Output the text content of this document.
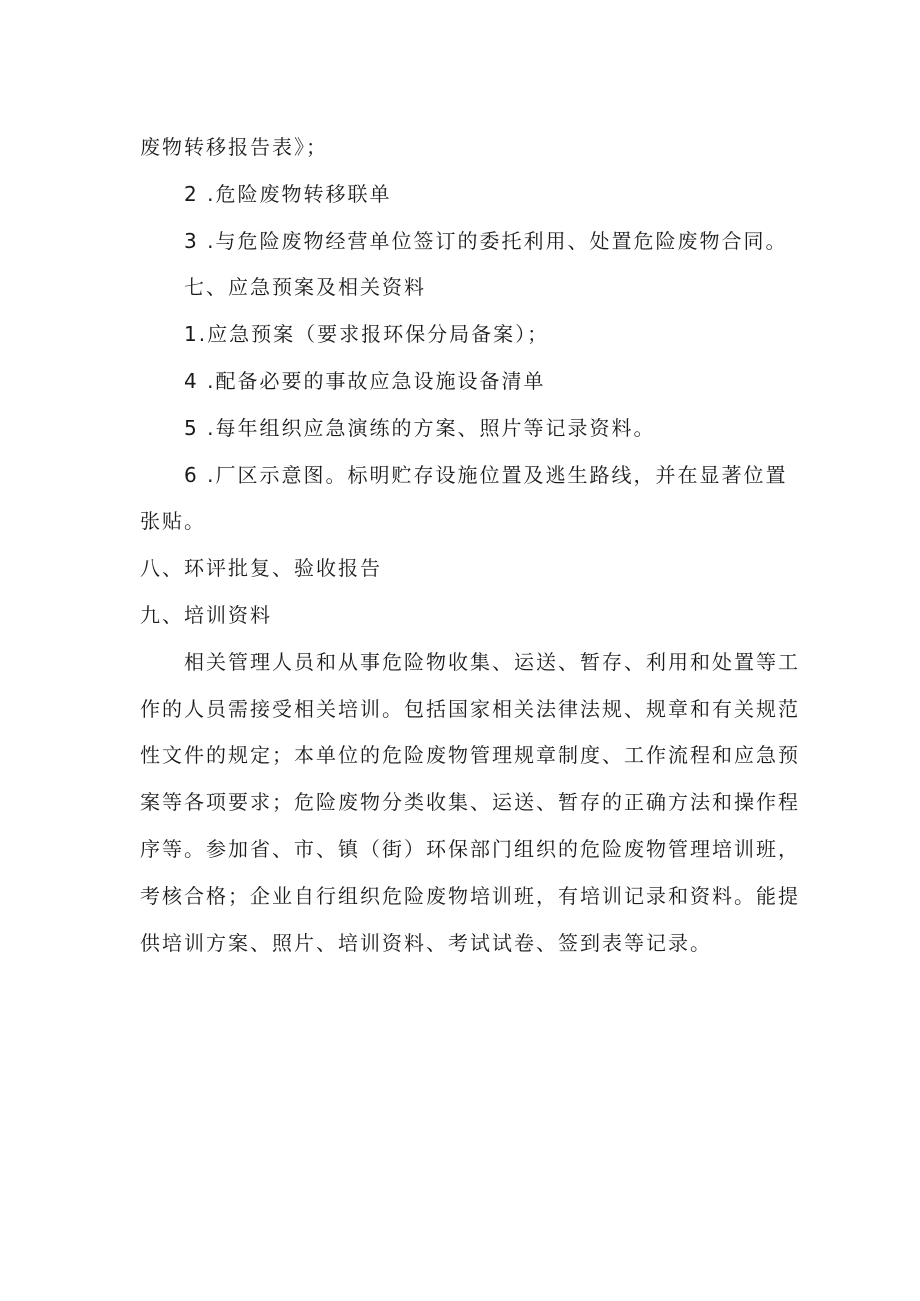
废物转移报告表》；
2 .危险废物转移联单
3 .与危险废物经营单位签订的委托利用、处置危险废物合同。
七、应急预案及相关资料
1.应急预案（要求报环保分局备案）；
4 .配备必要的事故应急设施设备清单
5 .每年组织应急演练的方案、照片等记录资料。
6 .厂区示意图。标明贮存设施位置及逃生路线，并在显著位置
张贴。
八、环评批复、验收报告
九、培训资料
相关管理人员和从事危险物收集、运送、暂存、利用和处置等工
作的人员需接受相关培训。包括国家相关法律法规、规章和有关规范
性文件的规定；本单位的危险废物管理规章制度、工作流程和应急预
案等各项要求；危险废物分类收集、运送、暂存的正确方法和操作程
序等。参加省、市、镇（街）环保部门组织的危险废物管理培训班，
考核合格；企业自行组织危险废物培训班，有培训记录和资料。能提
供培训方案、照片、培训资料、考试试卷、签到表等记录。
